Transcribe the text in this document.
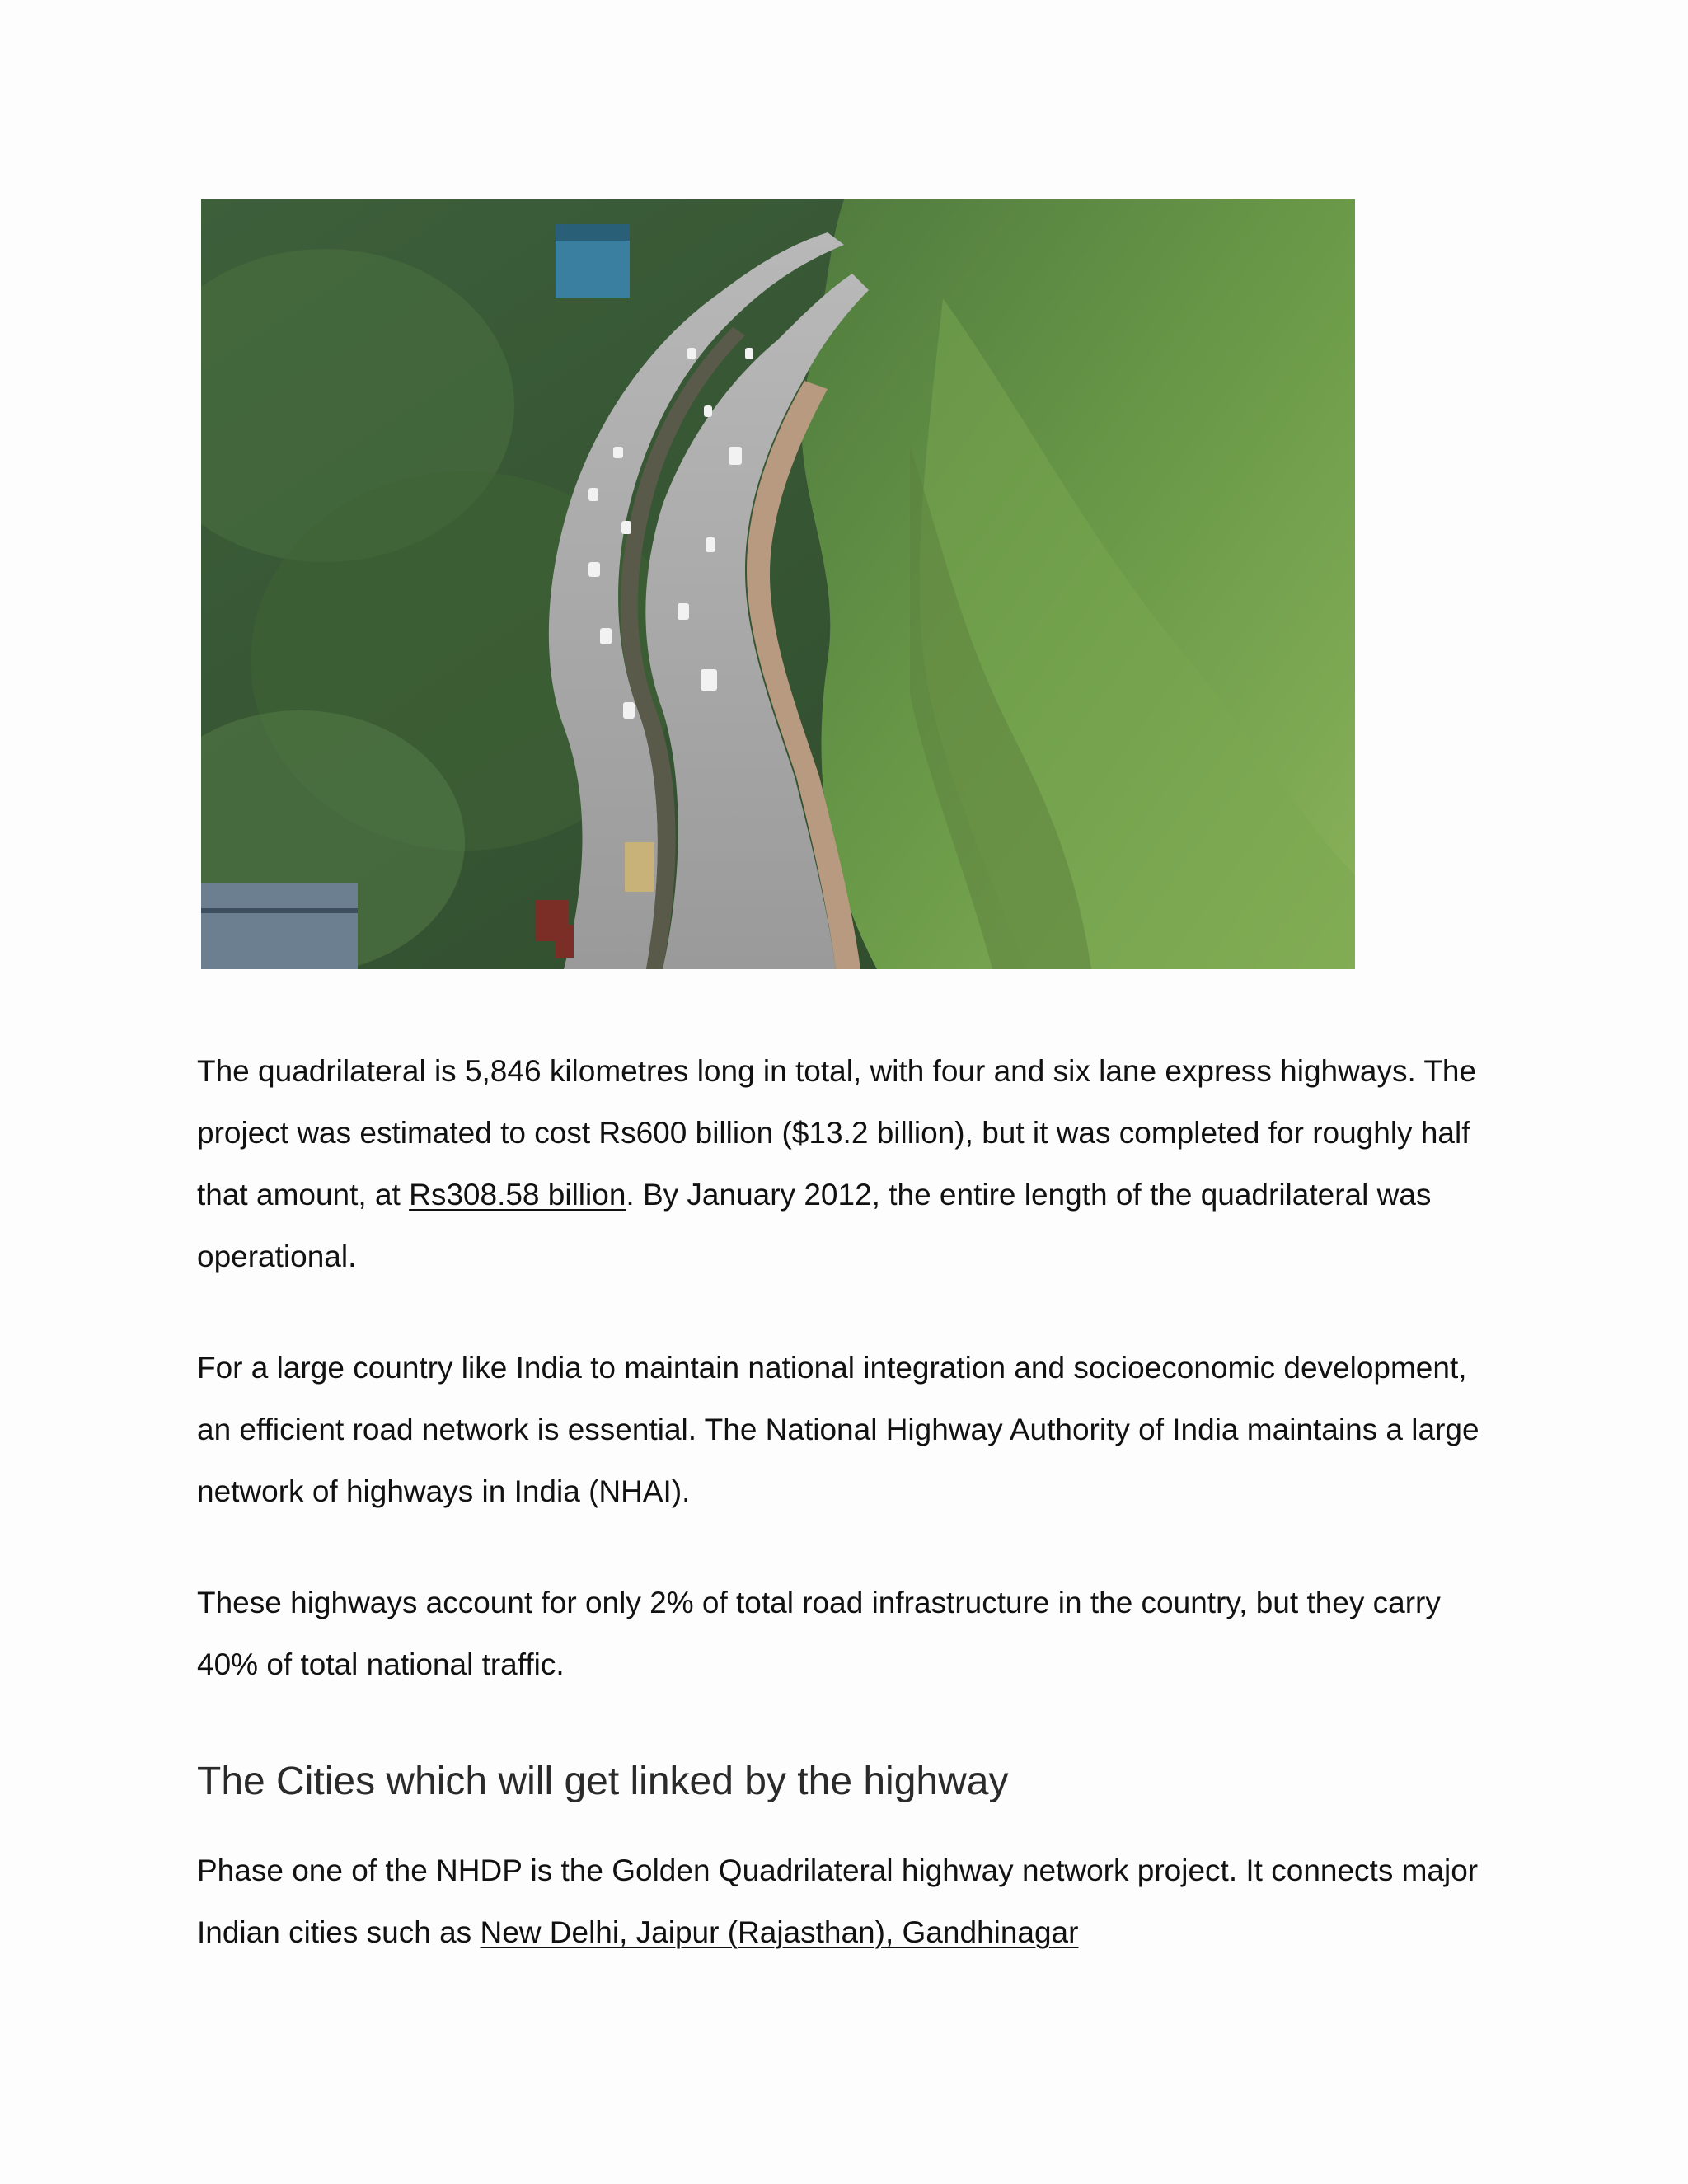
The quadrilateral is 5,846 kilometres long in total, with four and six lane express highways. The project was estimated to cost Rs600 billion ($13.2 billion), but it was completed for roughly half that amount, at Rs308.58 billion. By January 2012, the entire length of the quadrilateral was operational.

For a large country like India to maintain national integration and socioeconomic development, an efficient road network is essential. The National Highway Authority of India maintains a large network of highways in India (NHAI).

These highways account for only 2% of total road infrastructure in the country, but they carry 40% of total national traffic.

The Cities which will get linked by the highway

Phase one of the NHDP is the Golden Quadrilateral highway network project. It connects major Indian cities such as New Delhi, Jaipur (Rajasthan), Gandhinagar
